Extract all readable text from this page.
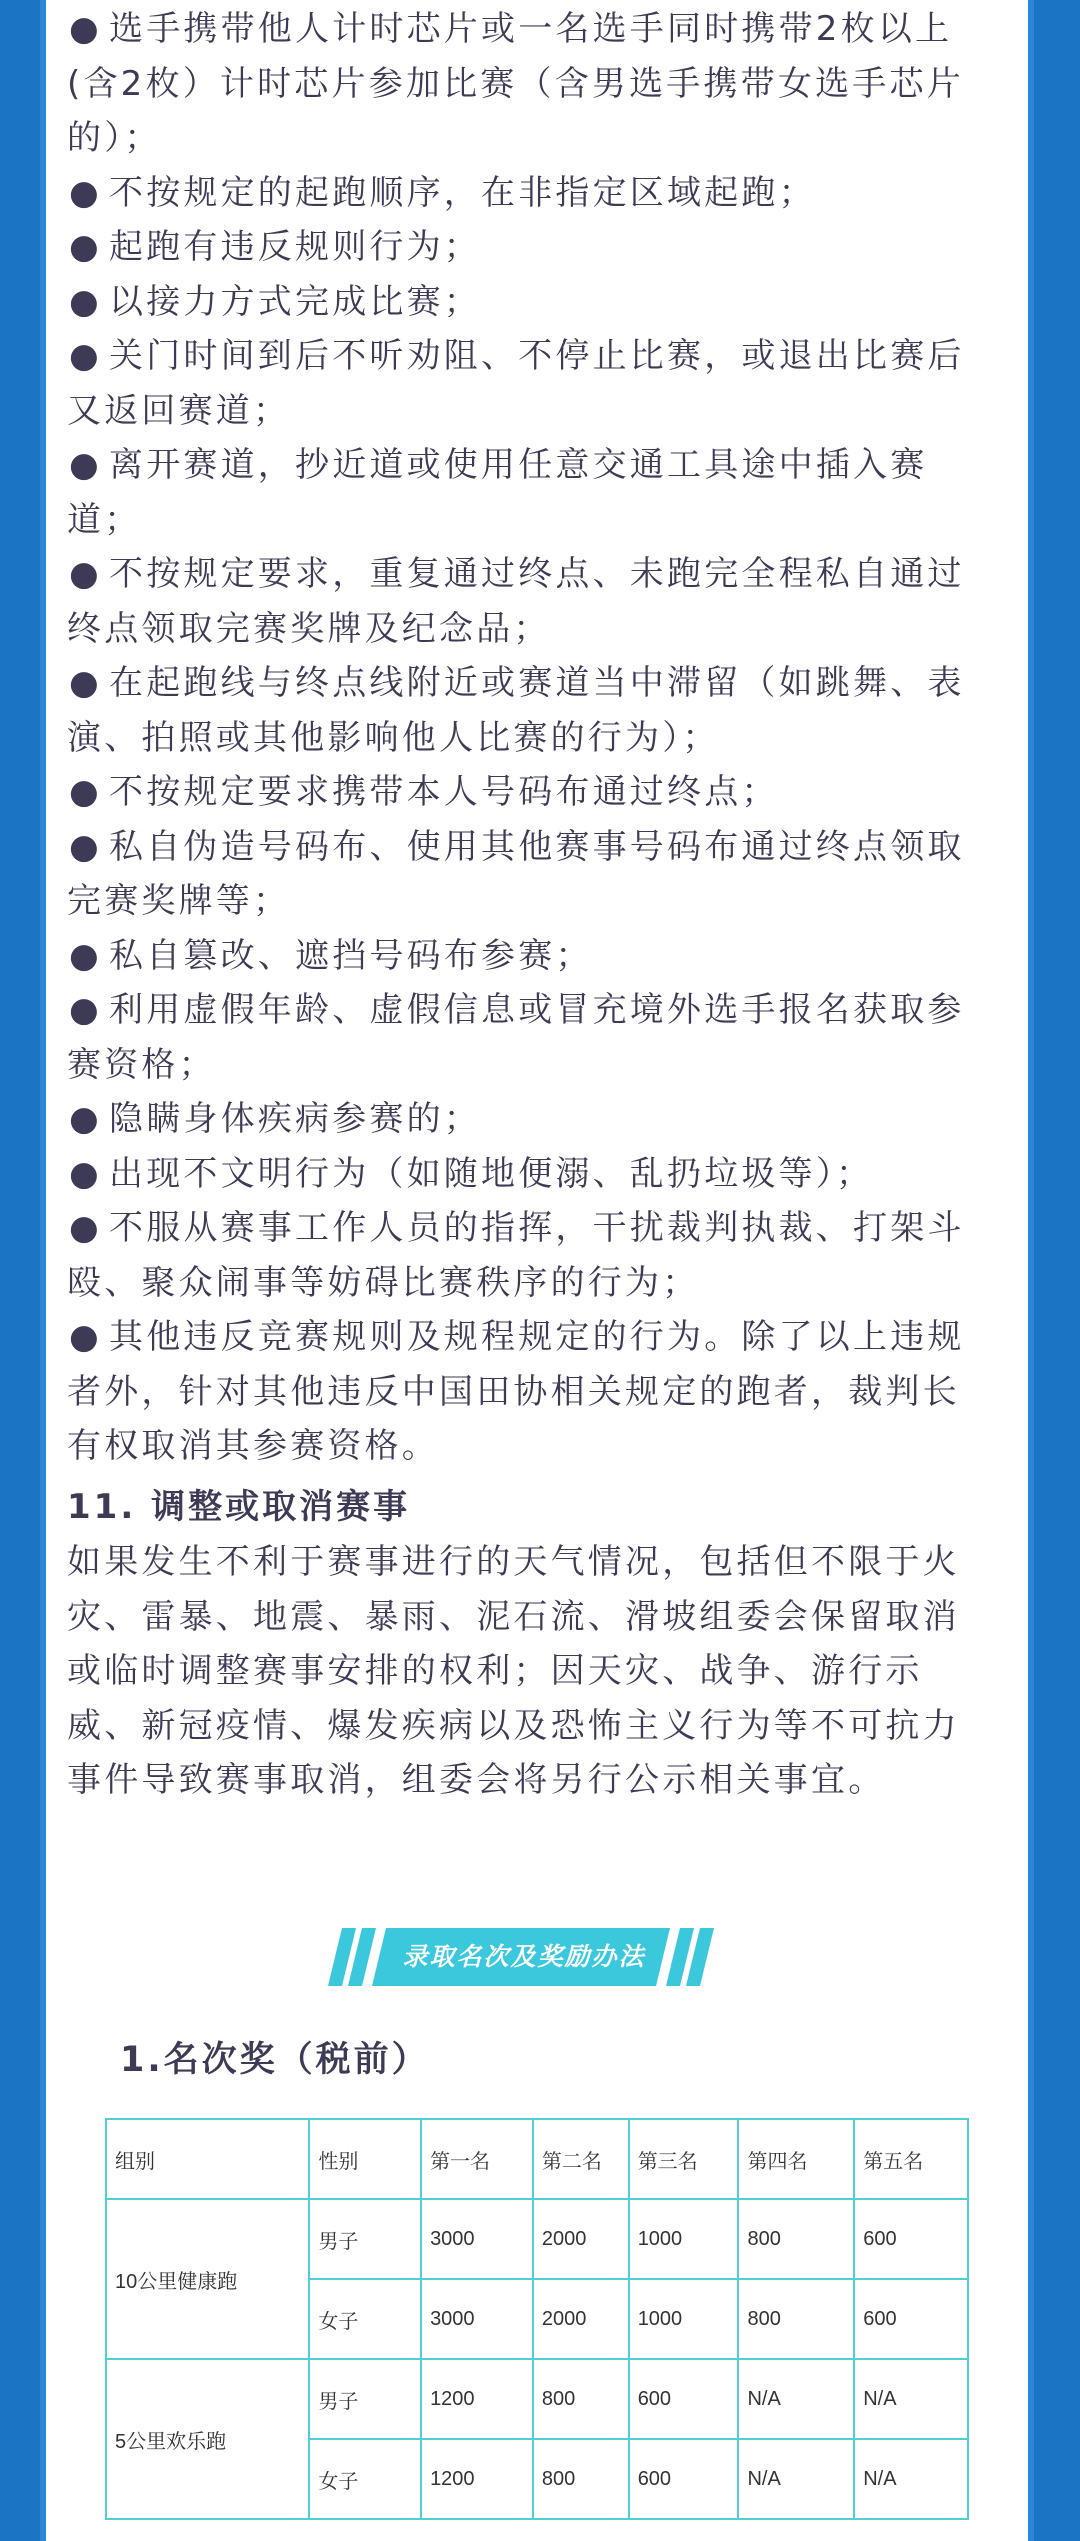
● 选手携带他人计时芯片或一名选手同时携带2枚以上(含2枚）计时芯片参加比赛（含男选手携带女选手芯片的）；
● 不按规定的起跑顺序，在非指定区域起跑；
● 起跑有违反规则行为；
● 以接力方式完成比赛；
● 关门时间到后不听劝阻、不停止比赛，或退出比赛后又返回赛道；
● 离开赛道，抄近道或使用任意交通工具途中插入赛道；
● 不按规定要求，重复通过终点、未跑完全程私自通过终点领取完赛奖牌及纪念品；
● 在起跑线与终点线附近或赛道当中滞留（如跳舞、表演、拍照或其他影响他人比赛的行为）；
● 不按规定要求携带本人号码布通过终点；
● 私自伪造号码布、使用其他赛事号码布通过终点领取完赛奖牌等；
● 私自篡改、遮挡号码布参赛；
● 利用虚假年龄、虚假信息或冒充境外选手报名获取参赛资格；
● 隐瞒身体疾病参赛的；
● 出现不文明行为（如随地便溺、乱扔垃圾等）；
● 不服从赛事工作人员的指挥，干扰裁判执裁、打架斗殴、聚众闹事等妨碍比赛秩序的行为；
● 其他违反竞赛规则及规程规定的行为。除了以上违规者外，针对其他违反中国田协相关规定的跑者，裁判长有权取消其参赛资格。
11. 调整或取消赛事

如果发生不利于赛事进行的天气情况，包括但不限于火灾、雷暴、地震、暴雨、泥石流、滑坡组委会保留取消或临时调整赛事安排的权利；因天灾、战争、游行示威、新冠疫情、爆发疾病以及恐怖主义行为等不可抗力事件导致赛事取消，组委会将另行公示相关事宜。

录取名次及奖励办法
1.名次奖（税前）
组别	性别	第一名	第二名	第三名	第四名	第五名
10公里健康跑	男子	3000	2000	1000	800	600
	女子	3000	2000	1000	800	600
5公里欢乐跑	男子	1200	800	600	N/A	N/A
	女子	1200	800	600	N/A	N/A
